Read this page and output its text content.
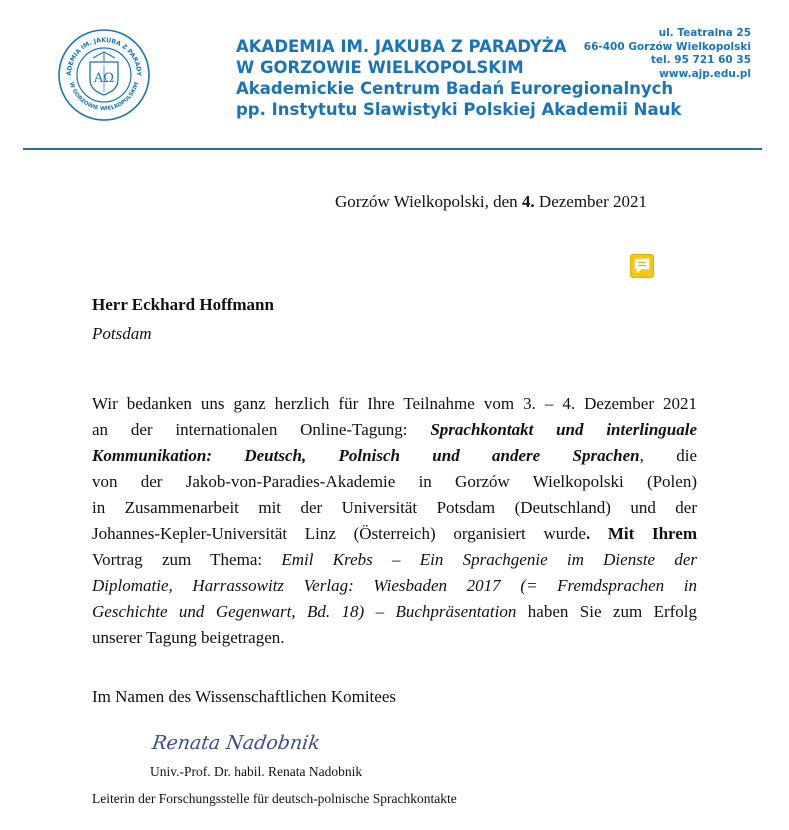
ADEMIA IM. JAKUBA Z PARADY
W GORZOWIE WIELKOPOLSKIM
AΩ
AKADEMIA IM. JAKUBA Z PARADYŻA
W GORZOWIE WIELKOPOLSKIM
Akademickie Centrum Badań Euroregionalnych
pp. Instytutu Slawistyki Polskiej Akademii Nauk
ul. Teatralna 25
66-400 Gorzów Wielkopolski
tel. 95 721 60 35
www.ajp.edu.pl
Gorzów Wielkopolski, den 4. Dezember 2021
Herr Eckhard Hoffmann
Potsdam
Wir bedanken uns ganz herzlich für Ihre Teilnahme vom 3. – 4. Dezember 2021
an der internationalen Online-Tagung: Sprachkontakt und interlinguale
Kommunikation: Deutsch, Polnisch und andere Sprachen, die
von der Jakob-von-Paradies-Akademie in Gorzów Wielkopolski (Polen)
in Zusammenarbeit mit der Universität Potsdam (Deutschland) und der
Johannes-Kepler-Universität Linz (Österreich) organisiert wurde. Mit Ihrem
Vortrag zum Thema: Emil Krebs – Ein Sprachgenie im Dienste der
Diplomatie, Harrassowitz Verlag: Wiesbaden 2017 (= Fremdsprachen in
Geschichte und Gegenwart, Bd. 18) – Buchpräsentation haben Sie zum Erfolg
unserer Tagung beigetragen.
Im Namen des Wissenschaftlichen Komitees
Renata Nadobnik
Univ.-Prof. Dr. habil. Renata Nadobnik
Leiterin der Forschungsstelle für deutsch-polnische Sprachkontakte
